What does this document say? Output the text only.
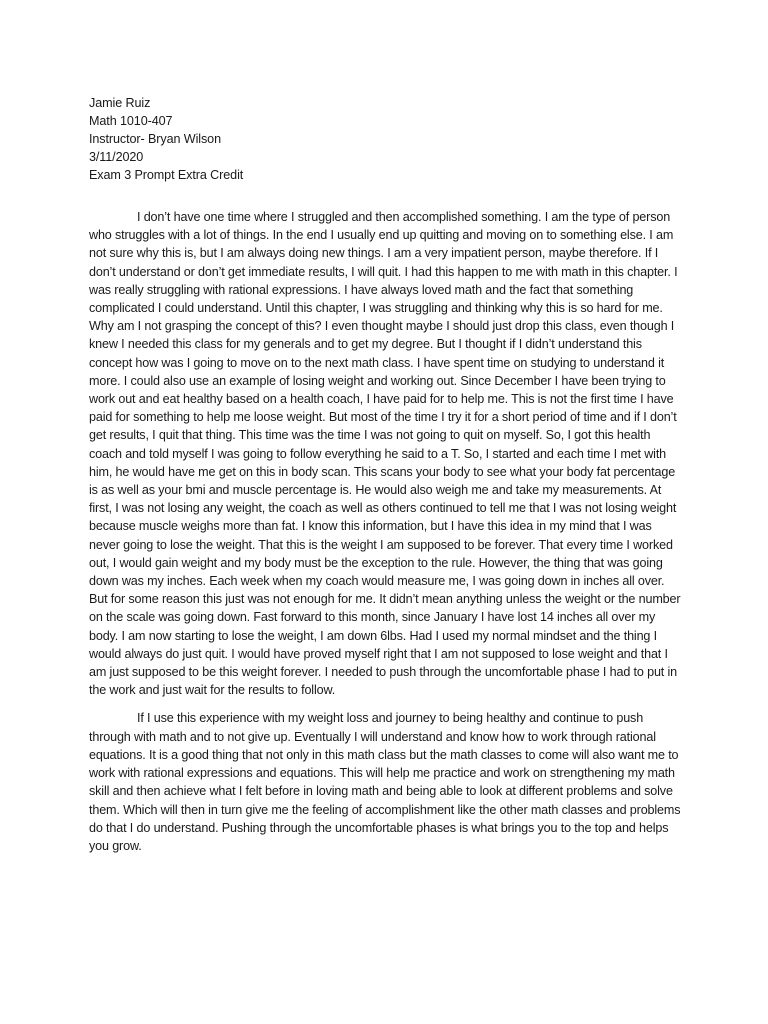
Jamie Ruiz
Math 1010-407
Instructor- Bryan Wilson
3/11/2020
Exam 3 Prompt Extra Credit

I don’t have one time where I struggled and then accomplished something. I am the type of person who struggles with a lot of things. In the end I usually end up quitting and moving on to something else. I am not sure why this is, but I am always doing new things. I am a very impatient person, maybe therefore. If I don’t understand or don’t get immediate results, I will quit. I had this happen to me with math in this chapter. I was really struggling with rational expressions. I have always loved math and the fact that something complicated I could understand. Until this chapter, I was struggling and thinking why this is so hard for me. Why am I not grasping the concept of this? I even thought maybe I should just drop this class, even though I knew I needed this class for my generals and to get my degree. But I thought if I didn’t understand this concept how was I going to move on to the next math class. I have spent time on studying to understand it more. I could also use an example of losing weight and working out. Since December I have been trying to work out and eat healthy based on a health coach, I have paid for to help me. This is not the first time I have paid for something to help me loose weight. But most of the time I try it for a short period of time and if I don’t get results, I quit that thing. This time was the time I was not going to quit on myself. So, I got this health coach and told myself I was going to follow everything he said to a T. So, I started and each time I met with him, he would have me get on this in body scan. This scans your body to see what your body fat percentage is as well as your bmi and muscle percentage is. He would also weigh me and take my measurements. At first, I was not losing any weight, the coach as well as others continued to tell me that I was not losing weight because muscle weighs more than fat. I know this information, but I have this idea in my mind that I was never going to lose the weight. That this is the weight I am supposed to be forever. That every time I worked out, I would gain weight and my body must be the exception to the rule. However, the thing that was going down was my inches. Each week when my coach would measure me, I was going down in inches all over. But for some reason this just was not enough for me. It didn’t mean anything unless the weight or the number on the scale was going down. Fast forward to this month, since January I have lost 14 inches all over my body. I am now starting to lose the weight, I am down 6lbs. Had I used my normal mindset and the thing I would always do just quit. I would have proved myself right that I am not supposed to lose weight and that I am just supposed to be this weight forever. I needed to push through the uncomfortable phase I had to put in the work and just wait for the results to follow.

If I use this experience with my weight loss and journey to being healthy and continue to push through with math and to not give up. Eventually I will understand and know how to work through rational equations. It is a good thing that not only in this math class but the math classes to come will also want me to work with rational expressions and equations. This will help me practice and work on strengthening my math skill and then achieve what I felt before in loving math and being able to look at different problems and solve them. Which will then in turn give me the feeling of accomplishment like the other math classes and problems do that I do understand. Pushing through the uncomfortable phases is what brings you to the top and helps you grow.
